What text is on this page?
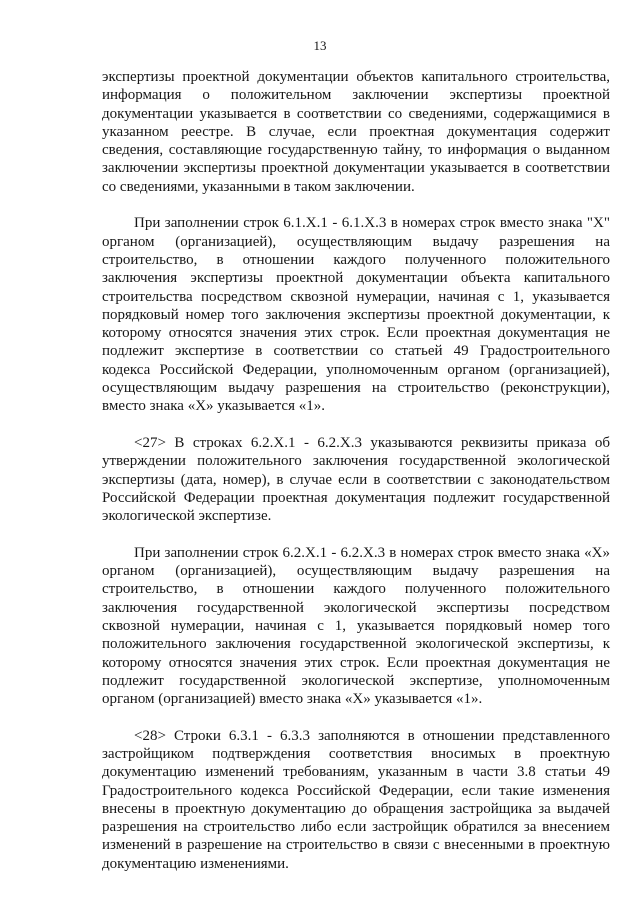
13
экспертизы проектной документации объектов капитального строительства,
информация о положительном заключении экспертизы проектной
документации указывается в соответствии со сведениями, содержащимися в
указанном реестре. В случае, если проектная документация содержит
сведения, составляющие государственную тайну, то информация о выданном
заключении экспертизы проектной документации указывается в соответствии
со сведениями, указанными в таком заключении.
При заполнении строк 6.1.Х.1 - 6.1.Х.3 в номерах строк вместо знака "Х"
органом (организацией), осуществляющим выдачу разрешения на
строительство, в отношении каждого полученного положительного
заключения экспертизы проектной документации объекта капитального
строительства посредством сквозной нумерации, начиная с 1, указывается
порядковый номер того заключения экспертизы проектной документации, к
которому относятся значения этих строк. Если проектная документация не
подлежит экспертизе в соответствии со статьей 49 Градостроительного
кодекса Российской Федерации, уполномоченным органом (организацией),
осуществляющим выдачу разрешения на строительство (реконструкции),
вместо знака «Х» указывается «1».
<27> В строках 6.2.Х.1 - 6.2.Х.3 указываются реквизиты приказа об
утверждении положительного заключения государственной экологической
экспертизы (дата, номер), в случае если в соответствии с законодательством
Российской Федерации проектная документация подлежит государственной
экологической экспертизе.
При заполнении строк 6.2.Х.1 - 6.2.Х.3 в номерах строк вместо знака «Х»
органом (организацией), осуществляющим выдачу разрешения на
строительство, в отношении каждого полученного положительного
заключения государственной экологической экспертизы посредством
сквозной нумерации, начиная с 1, указывается порядковый номер того
положительного заключения государственной экологической экспертизы, к
которому относятся значения этих строк. Если проектная документация не
подлежит государственной экологической экспертизе, уполномоченным
органом (организацией) вместо знака «Х» указывается «1».
<28> Строки 6.3.1 - 6.3.3 заполняются в отношении представленного
застройщиком подтверждения соответствия вносимых в проектную
документацию изменений требованиям, указанным в части 3.8 статьи 49
Градостроительного кодекса Российской Федерации, если такие изменения
внесены в проектную документацию до обращения застройщика за выдачей
разрешения на строительство либо если застройщик обратился за внесением
изменений в разрешение на строительство в связи с внесенными в проектную
документацию изменениями.
